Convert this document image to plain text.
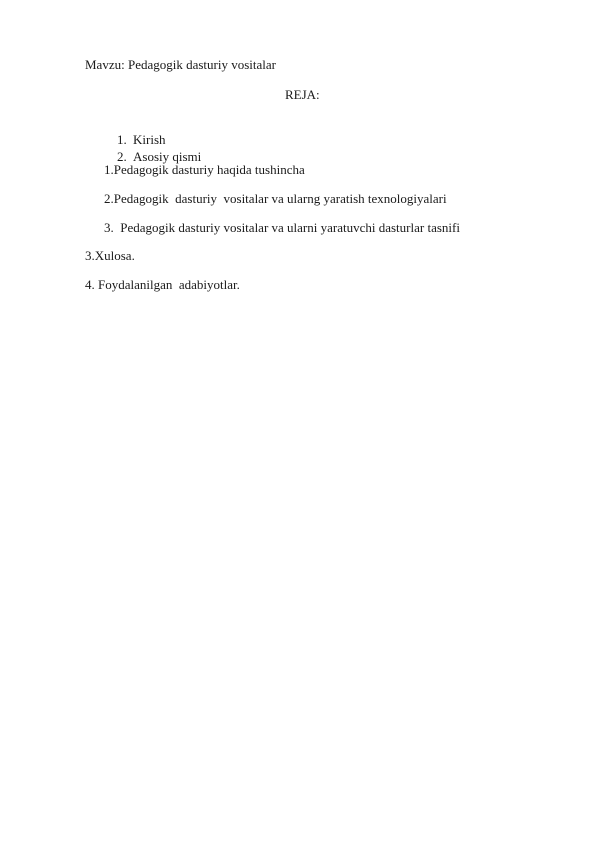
Mavzu: Pedagogik dasturiy vositalar
REJA:

1. Kirish

2. Asosiy qismi

1.Pedagogik dasturiy haqida tushincha
2.Pedagogik  dasturiy  vositalar va ularng yaratish texnologiyalari
3.  Pedagogik dasturiy vositalar va ularni yaratuvchi dasturlar tasnifi
3.Xulosa.
4. Foydalanilgan  adabiyotlar.
